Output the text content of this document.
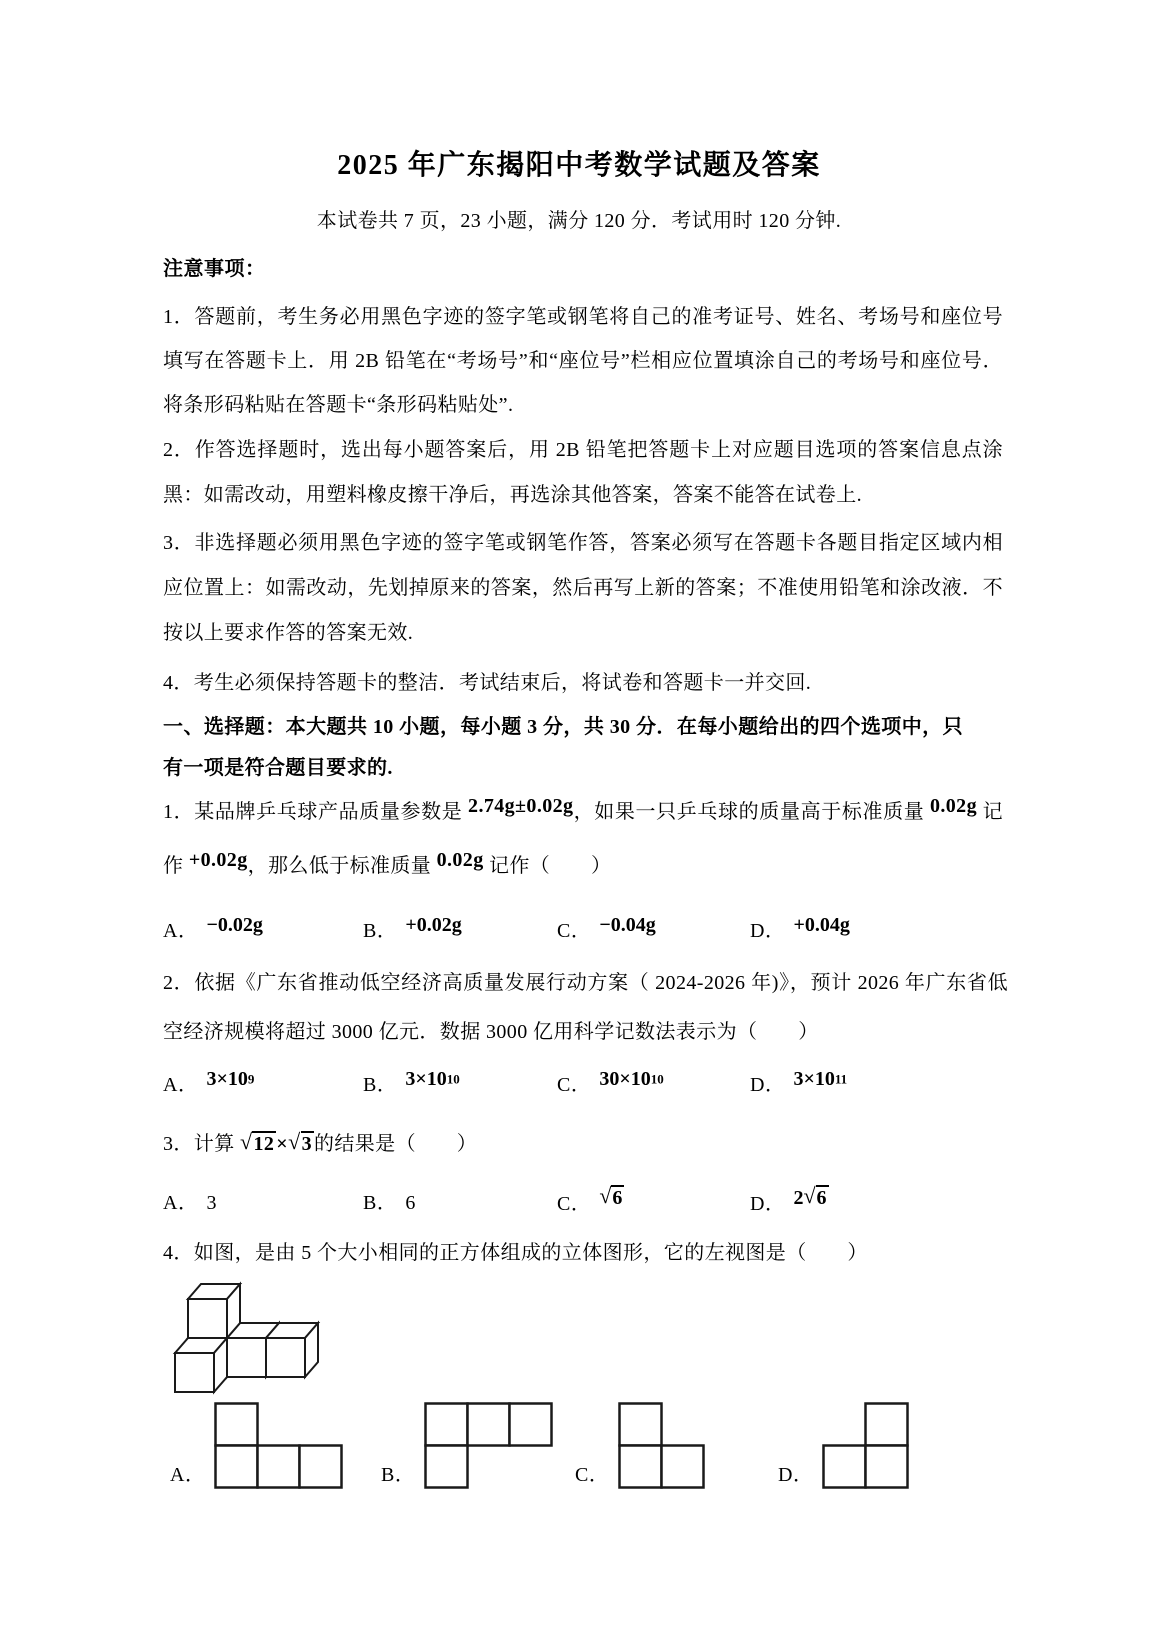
2025 年广东揭阳中考数学试题及答案
本试卷共 7 页，23 小题，满分 120 分．考试用时 120 分钟.
注意事项：
1．答题前，考生务必用黑色字迹的签字笔或钢笔将自己的准考证号、姓名、考场号和座位号填写在答题卡上．用 2B 铅笔在“考场号”和“座位号”栏相应位置填涂自己的考场号和座位号．将条形码粘贴在答题卡“条形码粘贴处”.
2．作答选择题时，选出每小题答案后，用 2B 铅笔把答题卡上对应题目选项的答案信息点涂黑：如需改动，用塑料橡皮擦干净后，再选涂其他答案，答案不能答在试卷上.
3．非选择题必须用黑色字迹的签字笔或钢笔作答，答案必须写在答题卡各题目指定区域内相应位置上：如需改动，先划掉原来的答案，然后再写上新的答案；不准使用铅笔和涂改液．不按以上要求作答的答案无效.
4．考生必须保持答题卡的整洁．考试结束后，将试卷和答题卡一并交回.
一、选择题：本大题共 10 小题，每小题 3 分，共 30 分．在每小题给出的四个选项中，只有一项是符合题目要求的.
1．某品牌乒乓球产品质量参数是 2.74g±0.02g，如果一只乒乓球的质量高于标准质量 0.02g 记作 +0.02g，那么低于标准质量 0.02g 记作（　　）
A． −0.02g	B． +0.02g	C． −0.04g	D． +0.04g
2．依据《广东省推动低空经济高质量发展行动方案（ 2024-2026 年)》，预计 2026 年广东省低空经济规模将超过 3000 亿元．数据 3000 亿用科学记数法表示为（　　）
A． $3\times 10^9$	B． $3\times 10^{10}$	C． $30\times 10^{10}$	D． $3\times 10^{11}$
3．计算 √12 ×√3 的结果是（　　）
A． 3	B． 6	C． √6	D． 2√6
4．如图，是由 5 个大小相同的正方体组成的立体图形，它的左视图是（　　）
A．	B．	C．	D．
